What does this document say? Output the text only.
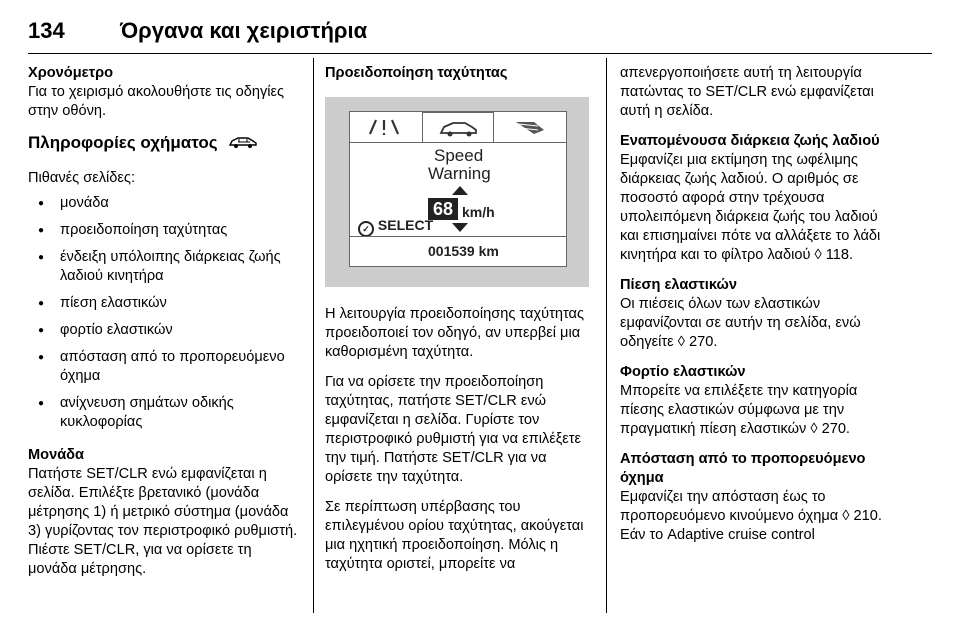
134	Όργανα και χειριστήρια

Χρονόμετρο
Για το χειρισμό ακολουθήστε τις οδηγίες στην οθόνη.

Πληροφορίες οχήματος

Πιθανές σελίδες:

● μονάδα
● προειδοποίηση ταχύτητας
● ένδειξη υπόλοιπης διάρκειας ζωής λαδιού κινητήρα
● πίεση ελαστικών
● φορτίο ελαστικών
● απόσταση από το προπορευόμενο όχημα
● ανίχνευση σημάτων οδικής κυκλοφορίας

Μονάδα
Πατήστε SET/CLR ενώ εμφανίζεται η σελίδα. Επιλέξτε βρετανικό (μονάδα μέτρησης 1) ή μετρικό σύστημα (μονάδα 3) γυρίζοντας τον περιστροφικό ρυθμιστή. Πιέστε SET/CLR, για να ορίσετε τη μονάδα μέτρησης.

Προειδοποίηση ταχύτητας

Speed
Warning
68 km/h
✓ SELECT
001539 km

Η λειτουργία προειδοποίησης ταχύτητας προειδοποιεί τον οδηγό, αν υπερβεί μια καθορισμένη ταχύτητα.

Για να ορίσετε την προειδοποίηση ταχύτητας, πατήστε SET/CLR ενώ εμφανίζεται η σελίδα. Γυρίστε τον περιστροφικό ρυθμιστή για να επιλέξετε την τιμή. Πατήστε SET/CLR για να ορίσετε την ταχύτητα.

Σε περίπτωση υπέρβασης του επιλεγμένου ορίου ταχύτητας, ακούγεται μια ηχητική προειδοποίηση. Μόλις η ταχύτητα οριστεί, μπορείτε να

απενεργοποιήσετε αυτή τη λειτουργία πατώντας το SET/CLR ενώ εμφανίζεται αυτή η σελίδα.

Εναπομένουσα διάρκεια ζωής λαδιού
Εμφανίζει μια εκτίμηση της ωφέλιμης διάρκειας ζωής λαδιού. Ο αριθμός σε ποσοστό αφορά στην τρέχουσα υπολειπόμενη διάρκεια ζωής του λαδιού και επισημαίνει πότε να αλλάξετε το λάδι κινητήρα και το φίλτρο λαδιού ◊ 118.

Πίεση ελαστικών
Οι πιέσεις όλων των ελαστικών εμφανίζονται σε αυτήν τη σελίδα, ενώ οδηγείτε ◊ 270.

Φορτίο ελαστικών
Μπορείτε να επιλέξετε την κατηγορία πίεσης ελαστικών σύμφωνα με την πραγματική πίεση ελαστικών ◊ 270.

Απόσταση από το προπορευόμενο όχημα
Εμφανίζει την απόσταση έως το προπορευόμενο κινούμενο όχημα ◊ 210. Εάν το Adaptive cruise control
